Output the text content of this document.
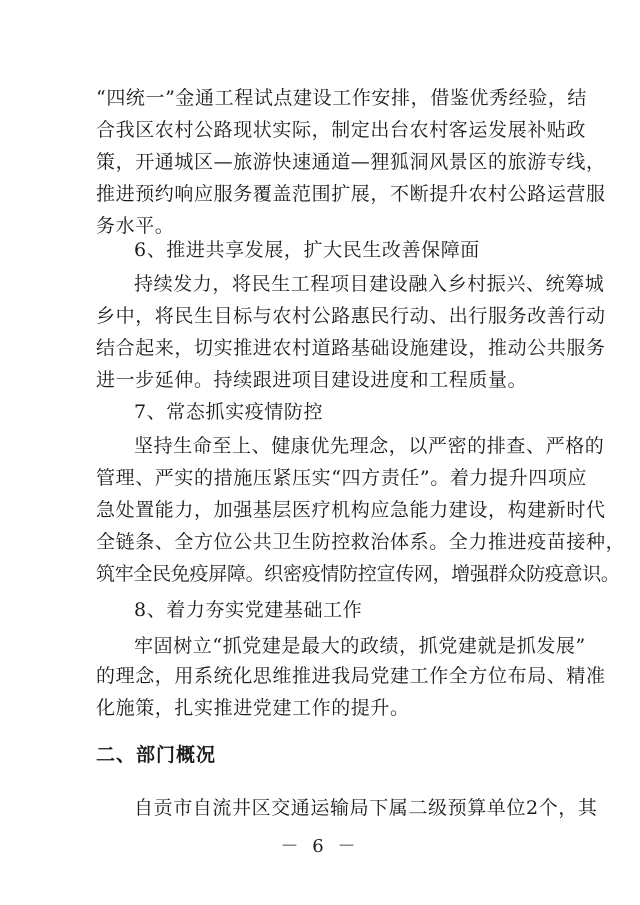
“四统一”金通工程试点建设工作安排，借鉴优秀经验，结
合我区农村公路现状实际，制定出台农村客运发展补贴政
策，开通城区—旅游快速通道—狸狐洞风景区的旅游专线，
推进预约响应服务覆盖范围扩展，不断提升农村公路运营服
务水平。
6、推进共享发展，扩大民生改善保障面
持续发力，将民生工程项目建设融入乡村振兴、统筹城
乡中，将民生目标与农村公路惠民行动、出行服务改善行动
结合起来，切实推进农村道路基础设施建设，推动公共服务
进一步延伸。持续跟进项目建设进度和工程质量。
7、常态抓实疫情防控
坚持生命至上、健康优先理念，以严密的排查、严格的
管理、严实的措施压紧压实“四方责任”。着力提升四项应
急处置能力，加强基层医疗机构应急能力建设，构建新时代
全链条、全方位公共卫生防控救治体系。全力推进疫苗接种，
筑牢全民免疫屏障。织密疫情防控宣传网，增强群众防疫意识。
8、着力夯实党建基础工作
牢固树立“抓党建是最大的政绩，抓党建就是抓发展”
的理念，用系统化思维推进我局党建工作全方位布局、精准
化施策，扎实推进党建工作的提升。
二、部门概况
自贡市自流井区交通运输局下属二级预算单位2个，其
－ 6 －
